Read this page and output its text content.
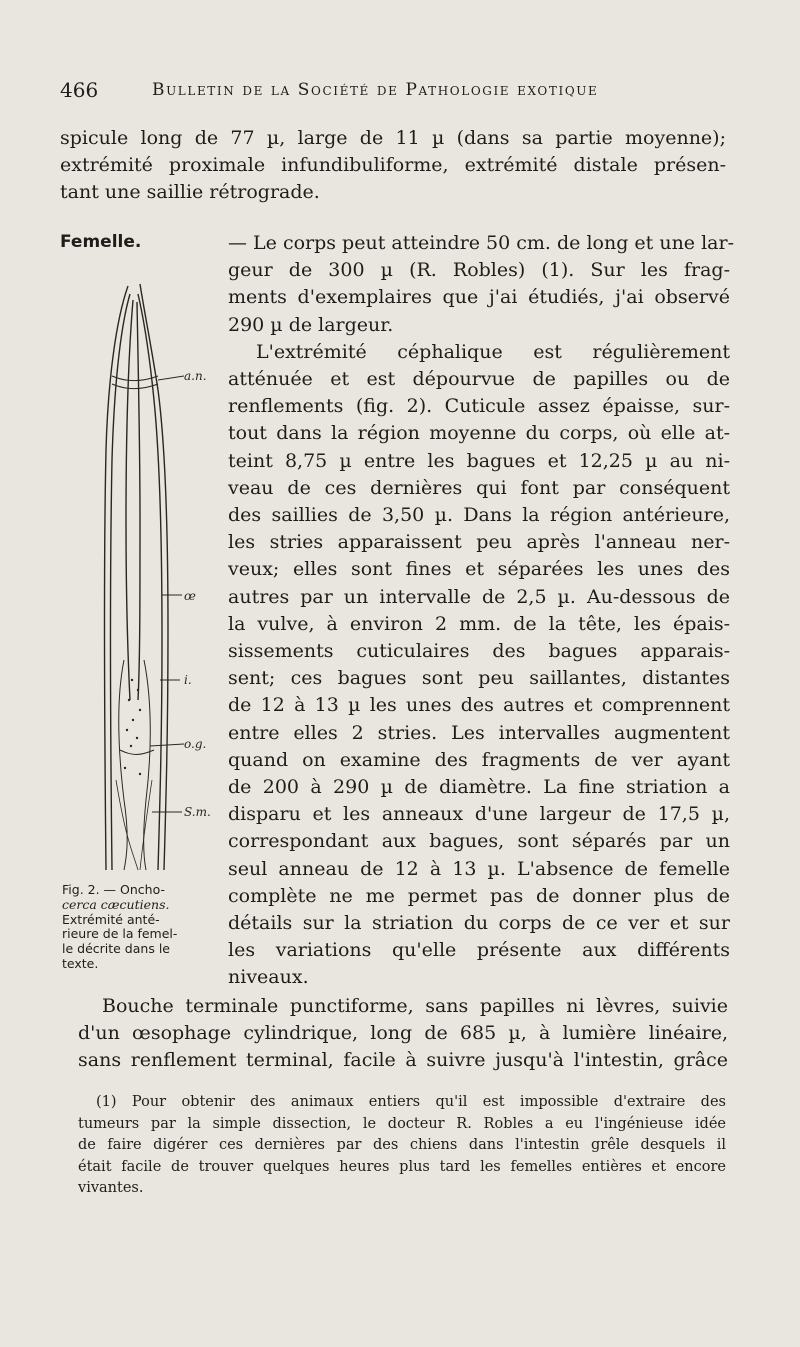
466	Bulletin de la Société de Pathologie exotique
spicule long de 77 µ, large de 11 µ (dans sa partie moyenne);
extrémité proximale infundibuliforme, extrémité distale présen-
tant une saillie rétrograde.
Femelle.	— Le corps peut atteindre 50 cm. de long et une lar-
geur de 300 µ (R. Robles) (1). Sur les frag-
ments d'exemplaires que j'ai étudiés, j'ai observé
290 µ de largeur.
L'extrémité céphalique est régulièrement
atténuée et est dépourvue de papilles ou de
renflements (fig. 2). Cuticule assez épaisse, sur-
tout dans la région moyenne du corps, où elle at-
teint 8,75 µ entre les bagues et 12,25 µ au ni-
veau de ces dernières qui font par conséquent
des saillies de 3,50 µ. Dans la région antérieure,
les stries apparaissent peu après l'anneau ner-
veux; elles sont fines et séparées les unes des
autres par un intervalle de 2,5 µ. Au-dessous de
la vulve, à environ 2 mm. de la tête, les épais-
sissements cuticulaires des bagues apparais-
sent; ces bagues sont peu saillantes, distantes
de 12 à 13 µ les unes des autres et comprennent
entre elles 2 stries. Les intervalles augmentent
quand on examine des fragments de ver ayant
de 200 à 290 µ de diamètre. La fine striation a
disparu et les anneaux d'une largeur de 17,5 µ,
correspondant aux bagues, sont séparés par un
seul anneau de 12 à 13 µ. L'absence de femelle
complète ne me permet pas de donner plus de
détails sur la striation du corps de ce ver et sur
les variations qu'elle présente aux différents
niveaux.
a.n.
œ
i.
o.g.
S.m.
Fig. 2. — Oncho-
cerca cæcutiens.
Extrémité anté-
rieure de la femel-
le décrite dans le
texte.
Bouche terminale punctiforme, sans papilles ni lèvres, suivie
d'un œsophage cylindrique, long de 685 µ, à lumière linéaire,
sans renflement terminal, facile à suivre jusqu'à l'intestin, grâce
(1) Pour obtenir des animaux entiers qu'il est impossible d'extraire des
tumeurs par la simple dissection, le docteur R. Robles a eu l'ingénieuse idée
de faire digérer ces dernières par des chiens dans l'intestin grêle desquels il
était facile de trouver quelques heures plus tard les femelles entières et encore
vivantes.
